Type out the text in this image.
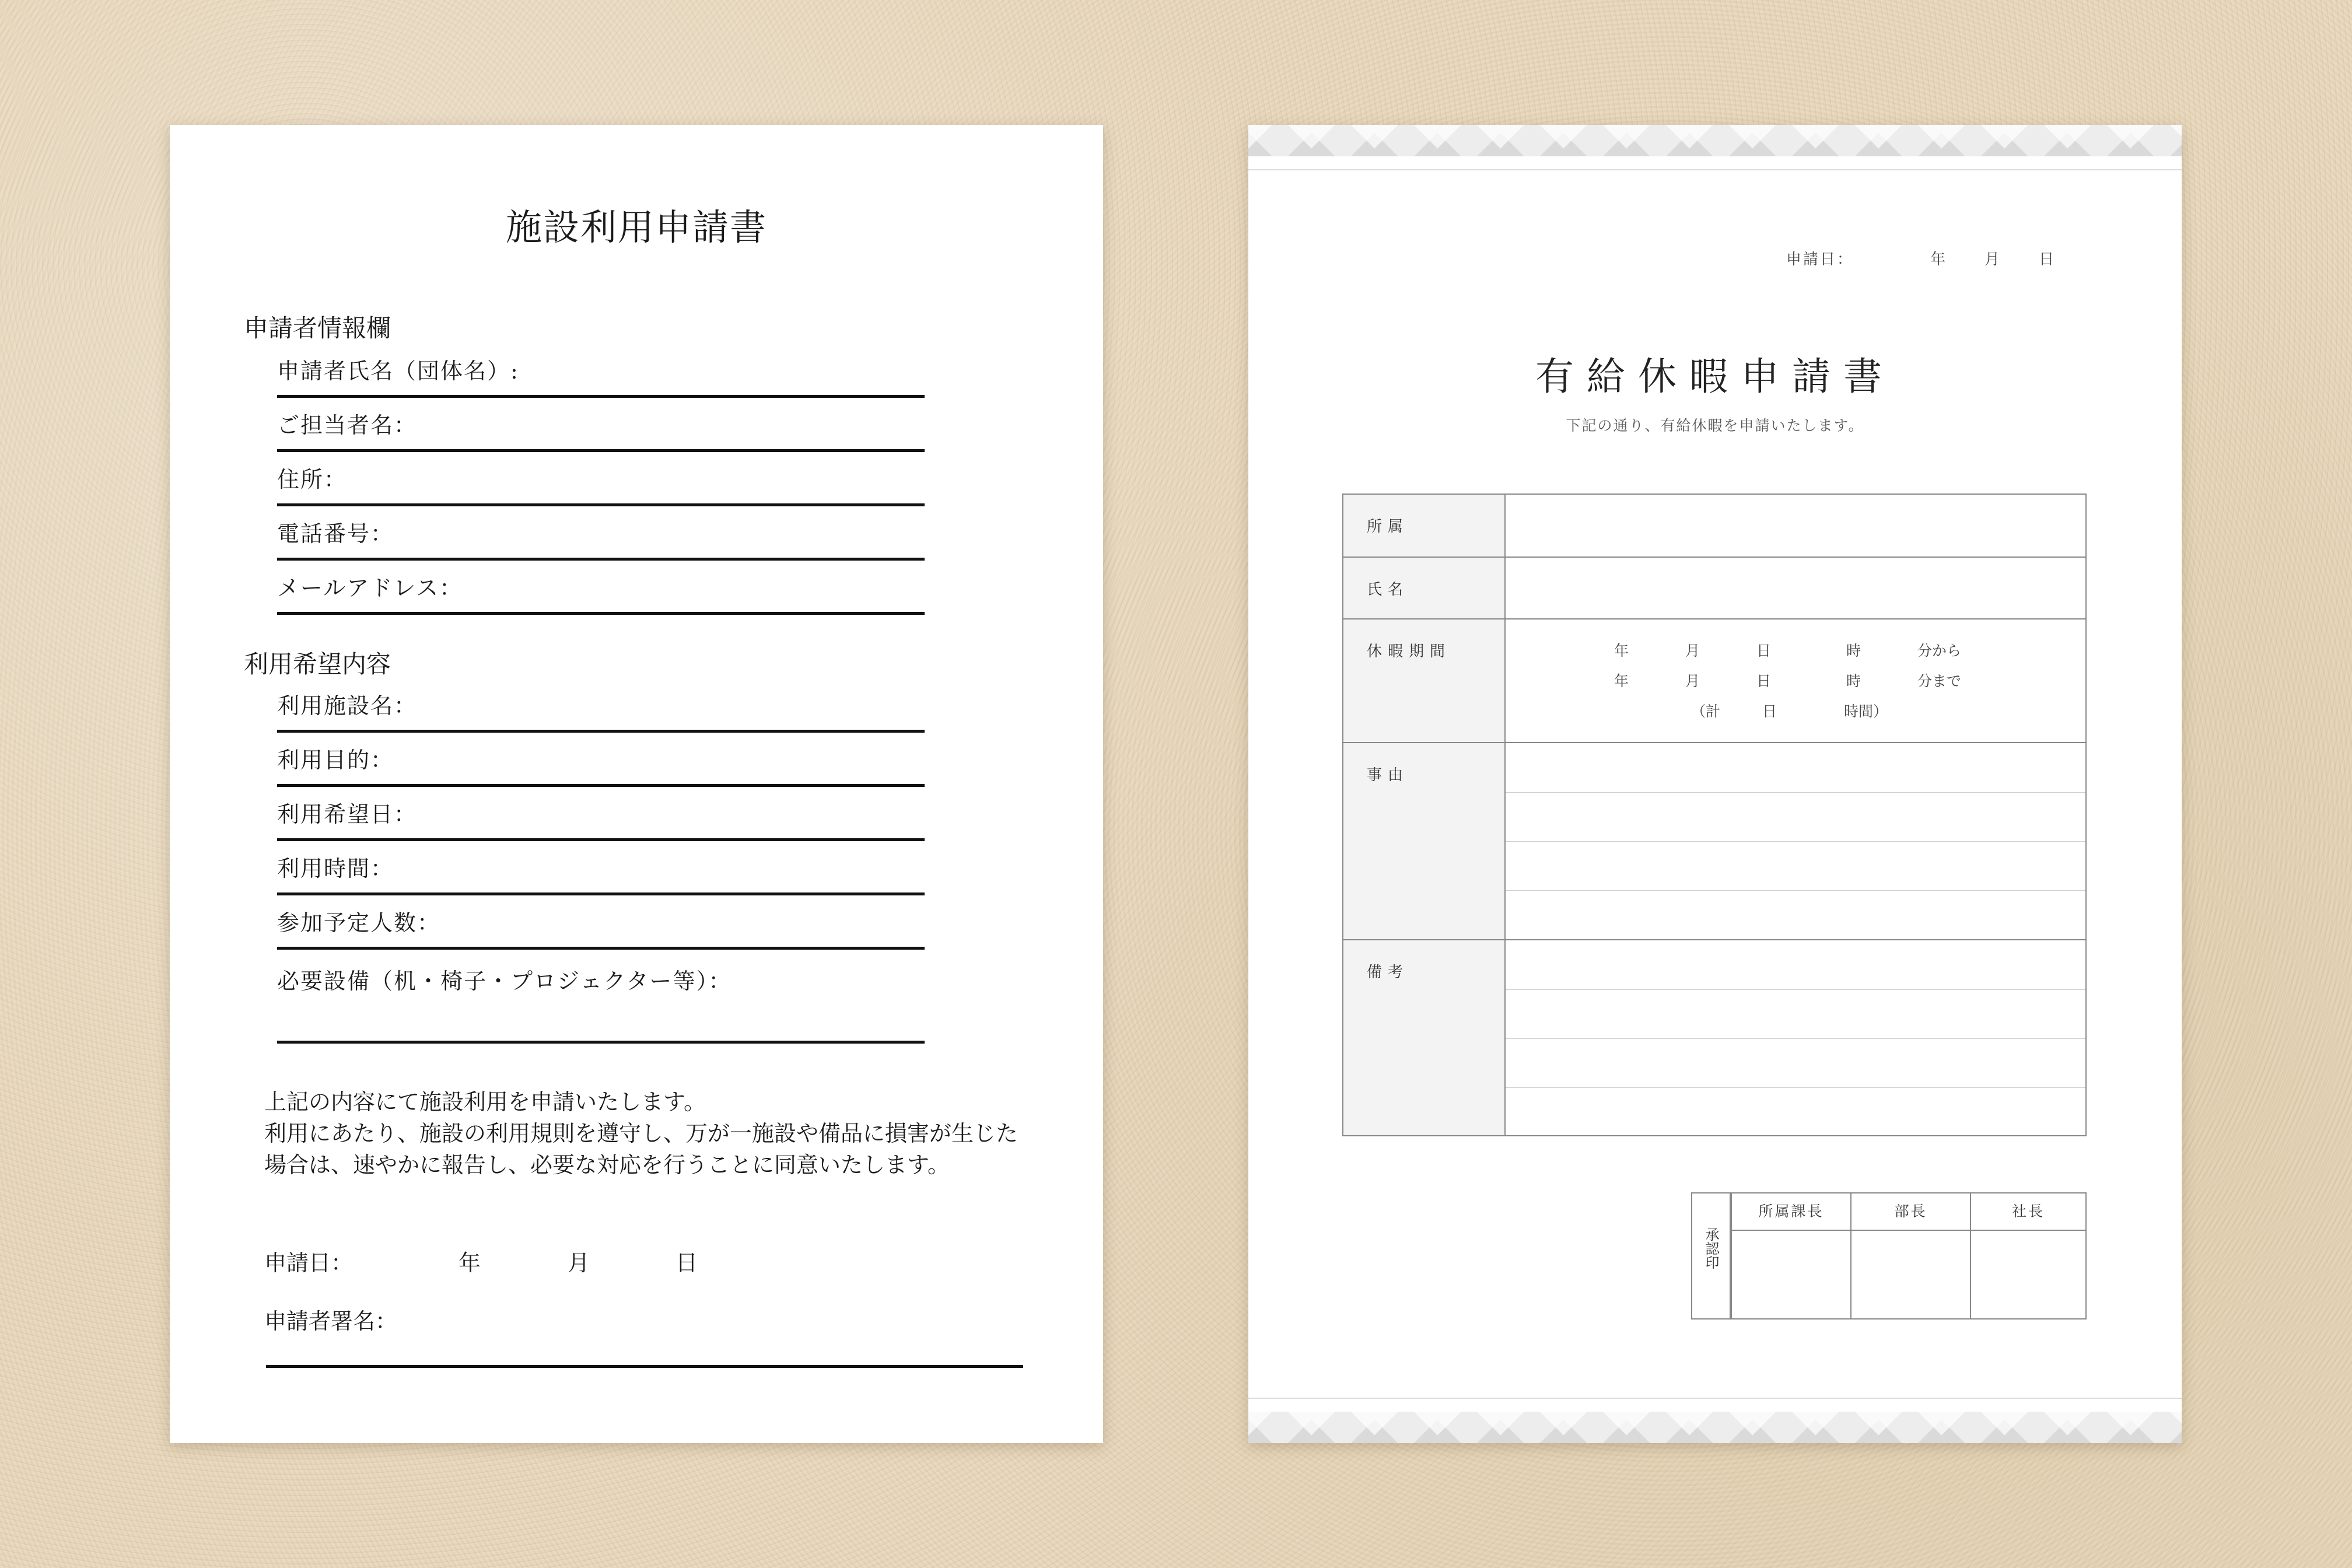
施設利用申請書
申請者情報欄
申請者氏名（団体名）:
ご担当者名：
住所：
電話番号：
メールアドレス：
利用希望内容
利用施設名：
利用目的：
利用希望日：
利用時間：
参加予定人数：
必要設備（机・椅子・プロジェクター等）：
上記の内容にて施設利用を申請いたします。
利用にあたり、施設の利用規則を遵守し、万が一施設や備品に損害が生じた
場合は、速やかに報告し、必要な対応を行うことに同意いたします。
申請日：	年	月	日
申請者署名：
申請日：	年 月 日
有給休暇申請書
下記の通り、有給休暇を申請いたします。
所属
氏名
休暇期間	年	月	日	時	分から
年	月	日	時	分まで
（計	日	時間）
事由
備考
承認印
所属課長	部長	社長
